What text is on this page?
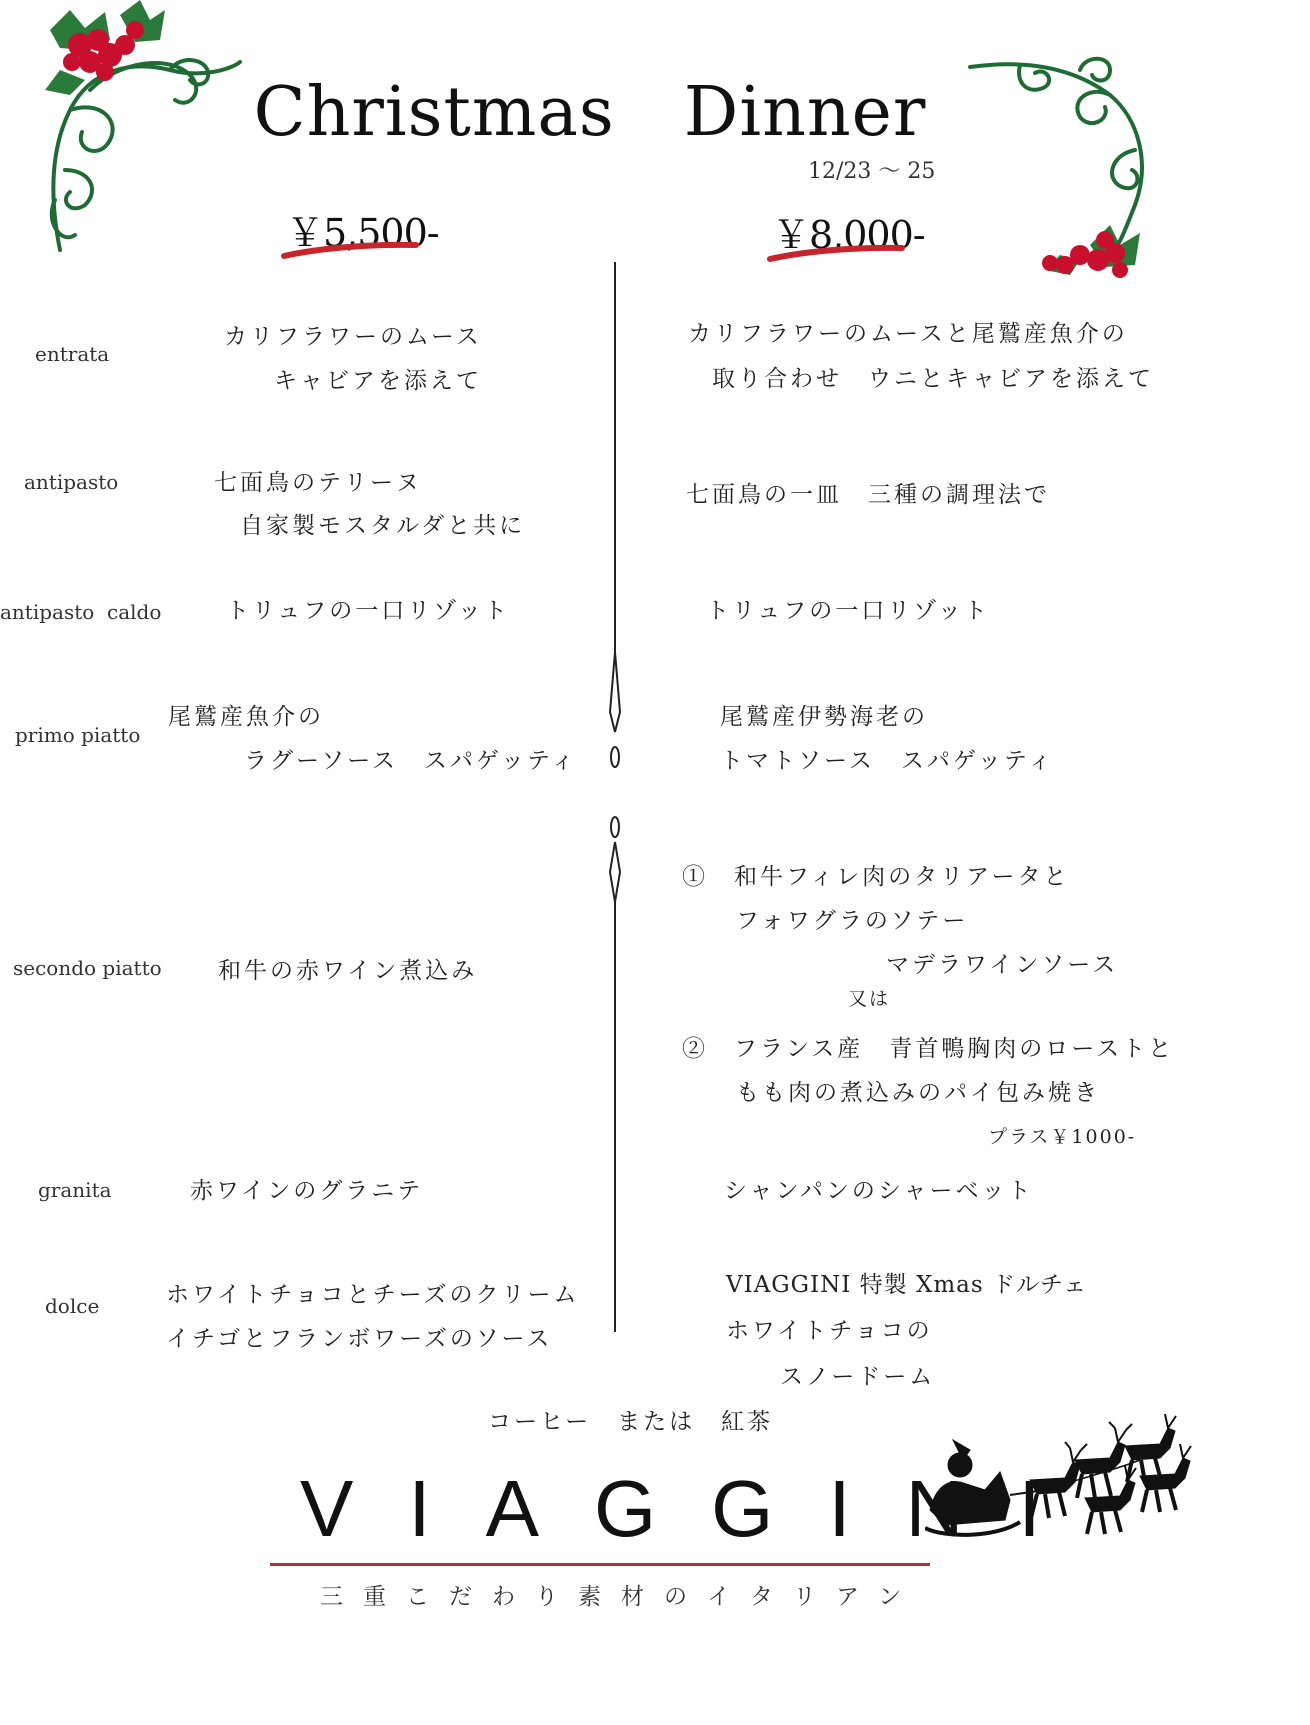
Christmas　Dinner
12/23 ～ 25
￥5,500-	￥8,000-
entrata
antipasto
antipasto  caldo
primo piatto
secondo piatto
granita
dolce
カリフラワーのムース
キャビアを添えて
七面鳥のテリーヌ
自家製モスタルダと共に
トリュフの一口リゾット
尾鷲産魚介の
ラグーソース　スパゲッティ
和牛の赤ワイン煮込み
赤ワインのグラニテ
ホワイトチョコとチーズのクリーム
イチゴとフランボワーズのソース
カリフラワーのムースと尾鷲産魚介の
取り合わせ　ウニとキャビアを添えて
七面鳥の一皿　三種の調理法で
トリュフの一口リゾット
尾鷲産伊勢海老の
トマトソース　スパゲッティ
①　和牛フィレ肉のタリアータと
フォワグラのソテー
マデラワインソース
又は
②　フランス産　青首鴨胸肉のローストと
もも肉の煮込みのパイ包み焼き
プラス￥1000-
シャンパンのシャーベット
VIAGGINI 特製 Xmas ドルチェ
ホワイトチョコの
スノードーム
コーヒー　または　紅茶
VIAGGINI
三重こだわり素材のイタリアン
